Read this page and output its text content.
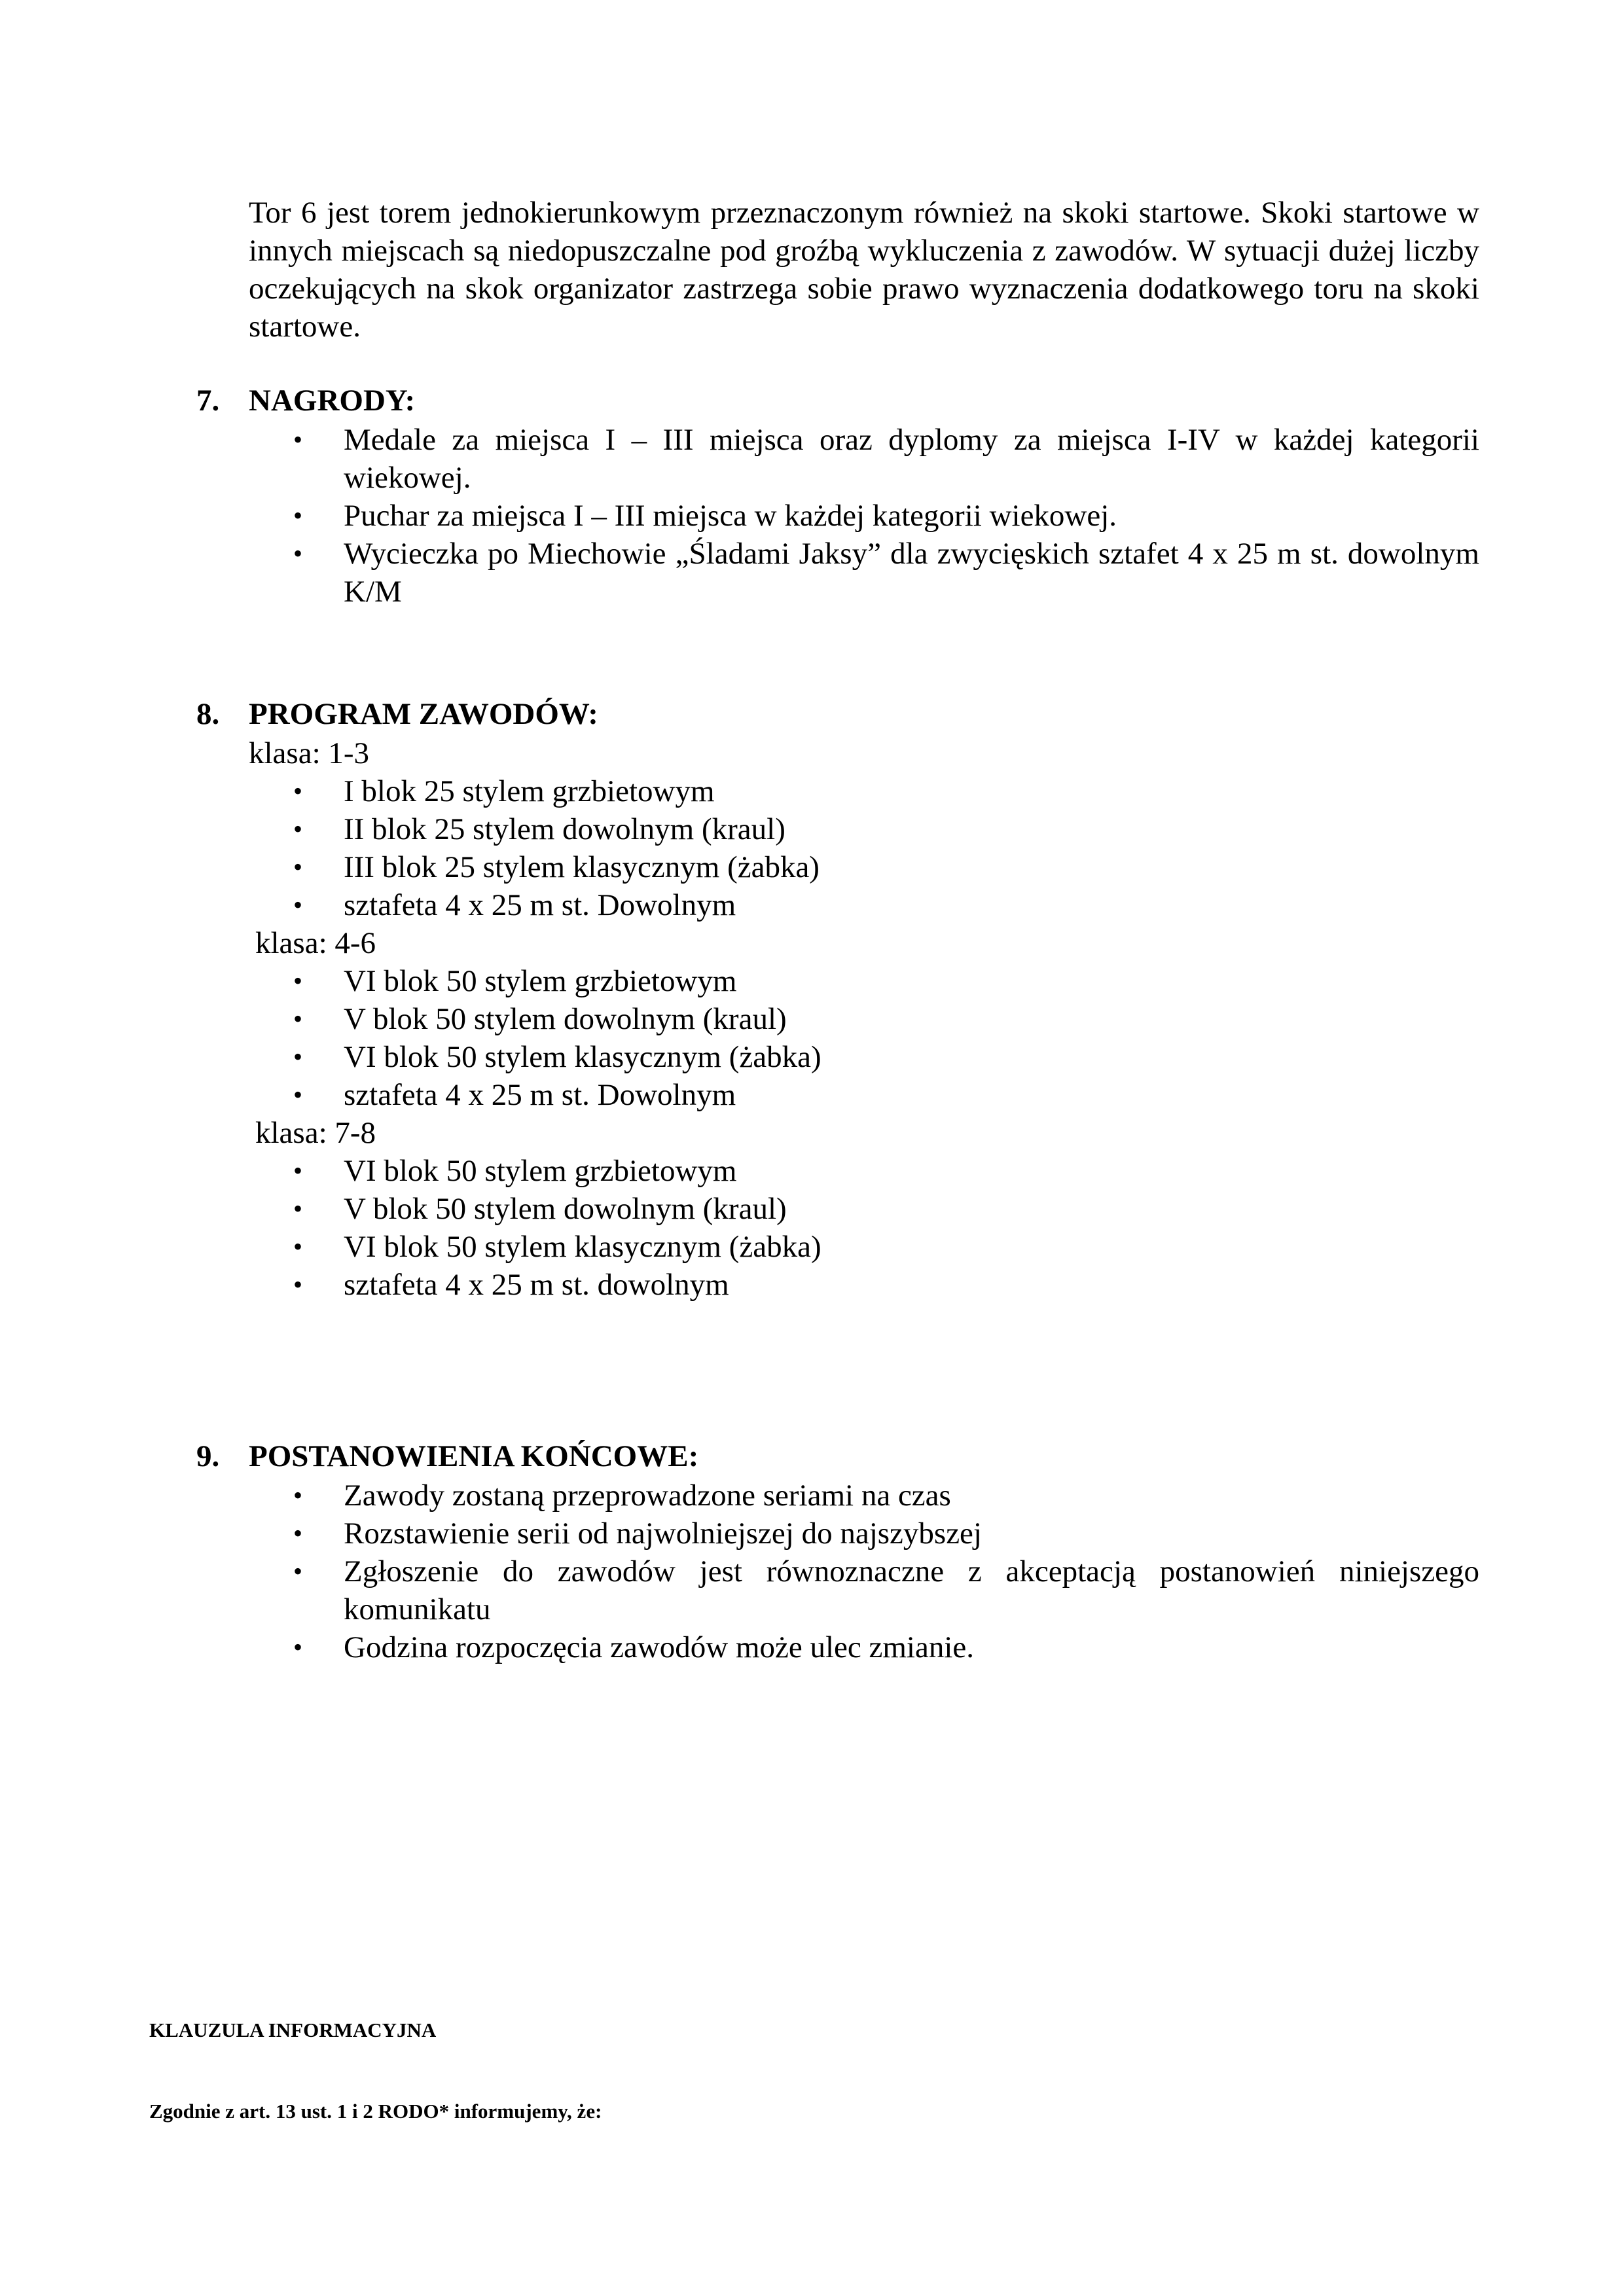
Tor 6 jest torem jednokierunkowym przeznaczonym również na skoki startowe. Skoki startowe w innych miejscach są niedopuszczalne pod groźbą wykluczenia z zawodów. W sytuacji dużej liczby oczekujących na skok organizator zastrzega sobie prawo wyznaczenia dodatkowego toru na skoki startowe.

7. NAGRODY:
• Medale za miejsca I – III miejsca oraz dyplomy za miejsca I-IV w każdej kategorii wiekowej.
• Puchar za miejsca I – III miejsca w każdej kategorii wiekowej.
• Wycieczka po Miechowie „Śladami Jaksy” dla zwycięskich sztafet 4 x 25 m st. dowolnym K/M
8. PROGRAM ZAWODÓW:
klasa: 1-3
• I blok 25 stylem grzbietowym
• II blok 25 stylem dowolnym (kraul)
• III blok 25 stylem klasycznym (żabka)
• sztafeta 4 x 25 m st. Dowolnym
klasa: 4-6
• VI blok 50 stylem grzbietowym
• V blok 50 stylem dowolnym (kraul)
• VI blok 50 stylem klasycznym (żabka)
• sztafeta 4 x 25 m st. Dowolnym
klasa: 7-8
• VI blok 50 stylem grzbietowym
• V blok 50 stylem dowolnym (kraul)
• VI blok 50 stylem klasycznym (żabka)
• sztafeta 4 x 25 m st. dowolnym
9. POSTANOWIENIA KOŃCOWE:
• Zawody zostaną przeprowadzone seriami na czas
• Rozstawienie serii od najwolniejszej do najszybszej
• Zgłoszenie do zawodów jest równoznaczne z akceptacją postanowień niniejszego komunikatu
• Godzina rozpoczęcia zawodów może ulec zmianie.
KLAUZULA INFORMACYJNA
Zgodnie z art. 13 ust. 1 i 2 RODO* informujemy, że:
